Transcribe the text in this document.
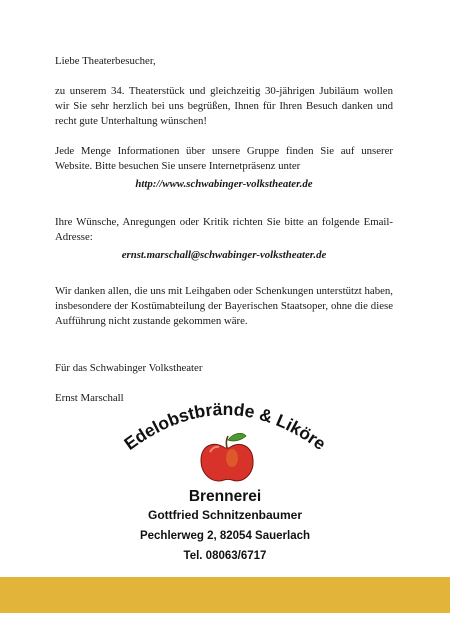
Liebe Theaterbesucher,

zu unserem 34. Theaterstück und gleichzeitig 30-jährigen Jubiläum wollen wir Sie sehr herzlich bei uns begrüßen, Ihnen für Ihren Besuch danken und recht gute Unterhaltung wünschen!

Jede Menge Informationen über unsere Gruppe finden Sie auf unserer Website. Bitte besuchen Sie unsere Internetpräsenz unter

http://www.schwabinger-volkstheater.de

Ihre Wünsche, Anregungen oder Kritik richten Sie bitte an folgende Email-Adresse:

ernst.marschall@schwabinger-volkstheater.de

Wir danken allen, die uns mit Leihgaben oder Schenkungen unterstützt haben, insbesondere der Kostümabteilung der Bayerischen Staatsoper, ohne die diese Aufführung nicht zustande gekommen wäre.

Für das Schwabinger Volkstheater

Ernst Marschall

Edelobstbrände & Liköre
Brennerei
Gottfried Schnitzenbaumer
Pechlerweg 2, 82054 Sauerlach
Tel. 08063/6717
